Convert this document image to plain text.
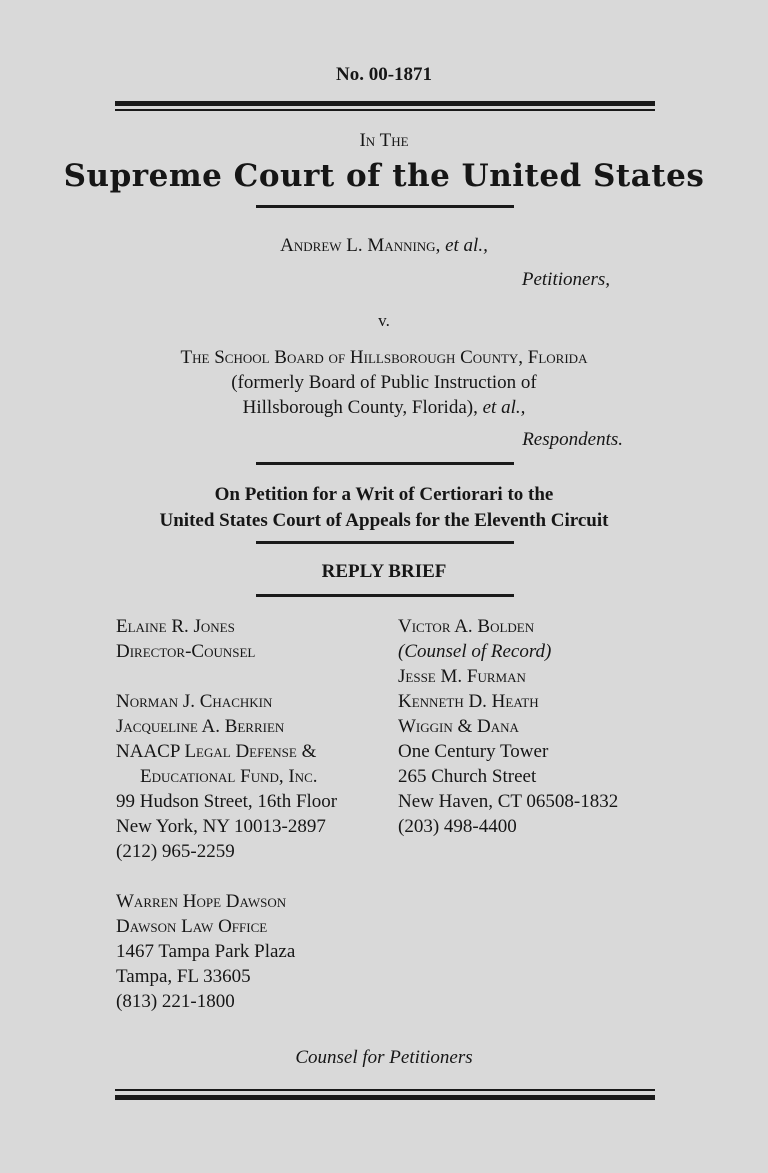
No. 00-1871
In The
Supreme Court of the United States
Andrew L. Manning, et al.,
Petitioners,
v.
The School Board of Hillsborough County, Florida
(formerly Board of Public Instruction of
Hillsborough County, Florida), et al.,
Respondents.
On Petition for a Writ of Certiorari to the
United States Court of Appeals for the Eleventh Circuit
REPLY BRIEF
Elaine R. Jones
Director-Counsel
Norman J. Chachkin
Jacqueline A. Berrien
NAACP Legal Defense &
Educational Fund, Inc.
99 Hudson Street, 16th Floor
New York, NY 10013-2897
(212) 965-2259
Warren Hope Dawson
Dawson Law Office
1467 Tampa Park Plaza
Tampa, FL 33605
(813) 221-1800
Victor A. Bolden
(Counsel of Record)
Jesse M. Furman
Kenneth D. Heath
Wiggin & Dana
One Century Tower
265 Church Street
New Haven, CT 06508-1832
(203) 498-4400
Counsel for Petitioners
